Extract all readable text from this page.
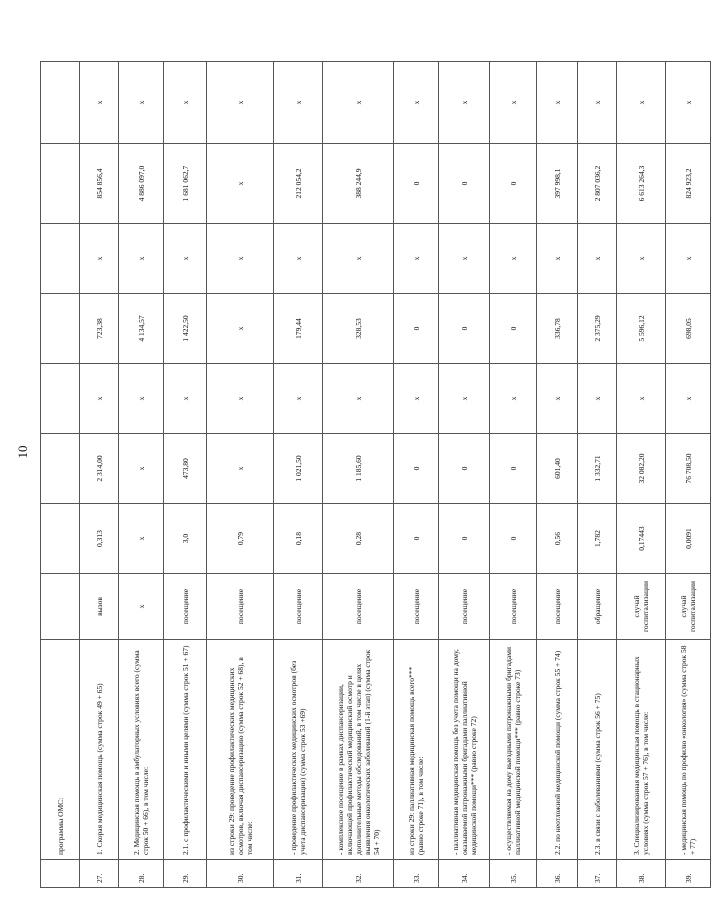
10
	программы ОМС:								
27.	1. Скорая медицинская помощь (сумма строк 49 + 65)	вызов	0,313	2 314,00	x	723,38	x	854 856,4	x
28.	2. Медицинская помощь в амбулаторных условиях всего (сумма строк 50 + 66), в том числе:	x	x	x	x	4 134,57	x	4 886 097,0	x
29.	2.1. с профилактическими и иными целями (сумма строк 51 + 67)	посещение	3,0	473,80	x	1 422,50	x	1 681 062,7	x
30.	из строки 29: проведение профилактических медицинских осмотров, включая диспансеризацию (сумма строк 52 + 68), в том числе:	посещение	0,79	x	x	x	x	x	x
31.	- проведение профилактических медицинских осмотров (без учета диспансеризации) (сумма строк 53 +69)	посещение	0,18	1 021,50	x	179,44	x	212 054,2	x
32.	- комплексное посещение в рамках диспансеризации, включающей профилактический медицинский осмотр и дополнительные методы обследований, в том числе в целях выявления онкологических заболеваний (1-й этап) (сумма строк 54 + 70)	посещение	0,28	1 185,60	x	328,53	x	388 244,9	x
33.	из строки 29: паллиативная медицинская помощь всего*** (равно строке 71), в том числе:	посещение	0	0	x	0	x	0	x
34.	- паллиативная медицинская помощь без учета помощи на дому, оказываемой патронажными бригадами паллиативной медицинской помощи*** (равно строке 72)	посещение	0	0	x	0	x	0	x
35.	- осуществляемая на дому выездными патронажными бригадами паллиативной медицинской помощи*** (равно строке 73)	посещение	0	0	x	0	x	0	x
36.	2.2. по неотложной медицинской помощи (сумма строк 55 + 74)	посещение	0,56	601,40	x	336,78	x	397 998,1	x
37.	2.3. в связи с заболеваниями (сумма строк 56 + 75)	обращение	1,782	1 332,71	x	2 375,29	x	2 807 036,2	x
38.	3. Специализированная медицинская помощь в стационарных условиях (сумма строк 57 + 76), в том числе:	случай госпитализации	0,17443	32 082,20	x	5 596,12	x	6 613 264,3	x
39.	- медицинская помощь по профилю «онкология» (сумма строк 58 + 77)	случай госпитализации	0,0091	76 708,50	x	698,05	x	824 923,2	x
